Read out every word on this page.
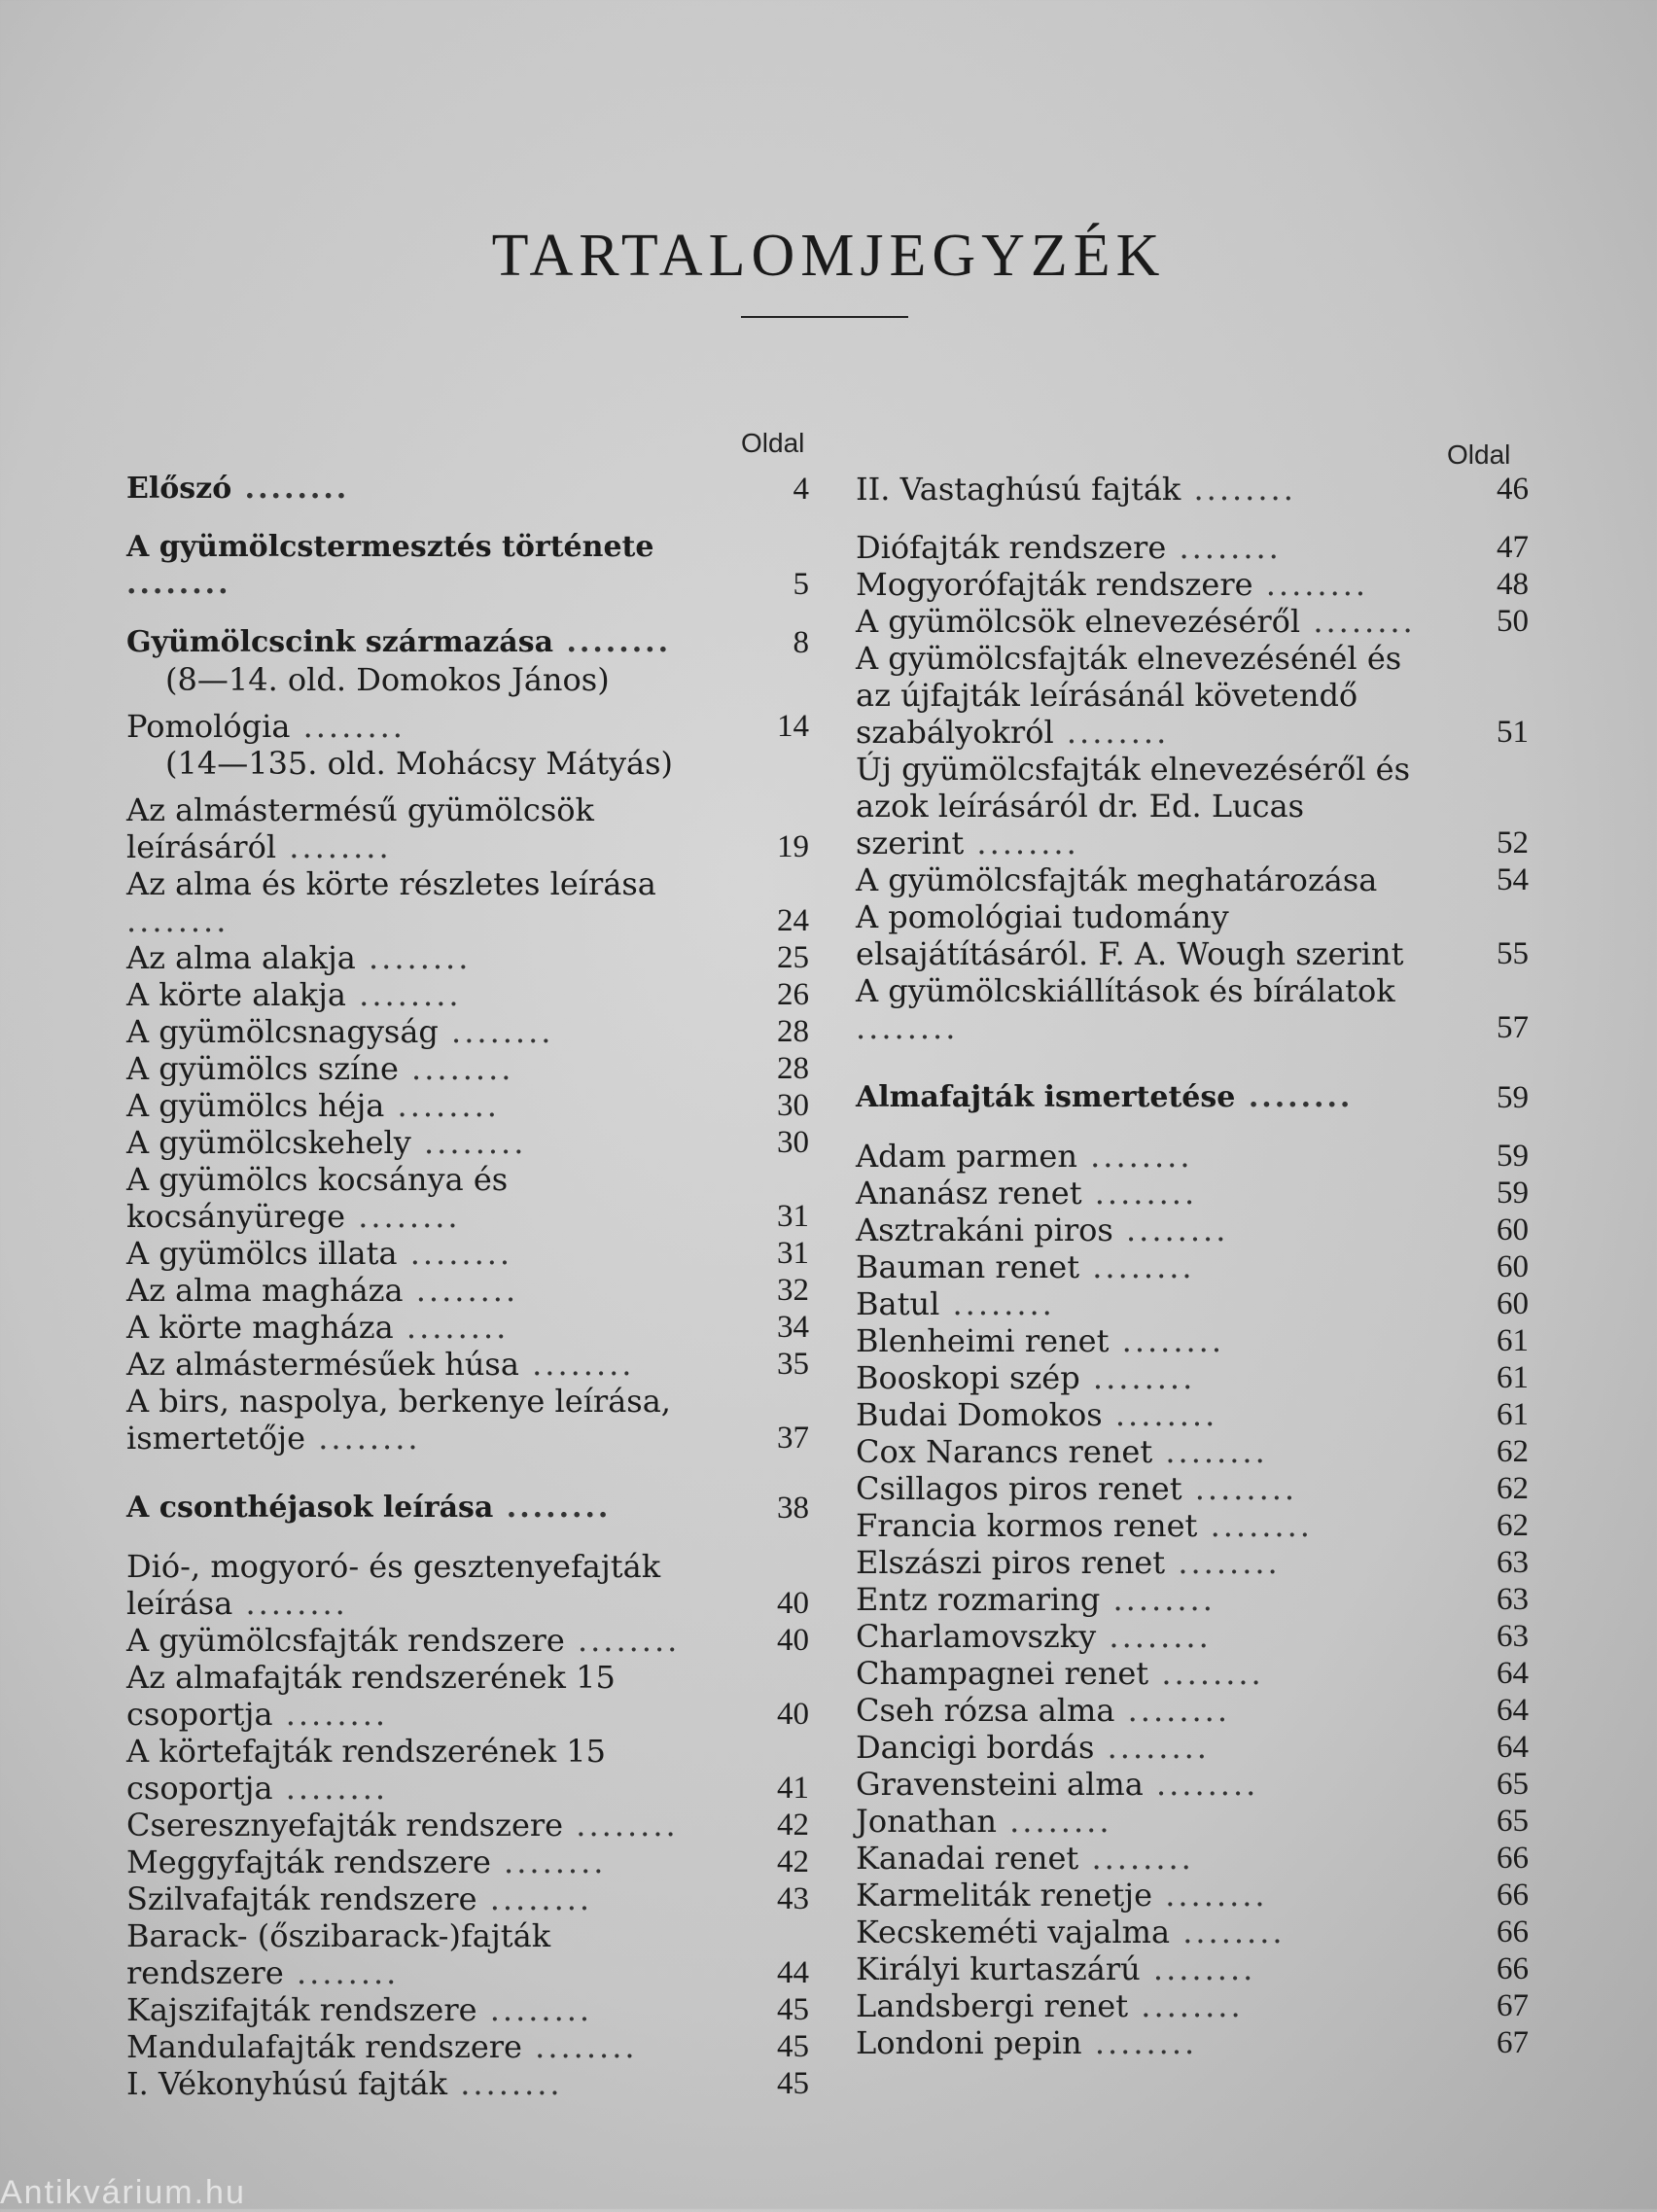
TARTALOMJEGYZÉK
Oldal	Oldal
Előszó ........	4
A gyümölcstermesztés története ........	5
Gyümölcscink származása ........	8
(8—14. old. Domokos János)
Pomológia ........	14
(14—135. old. Mohácsy Mátyás)
Az almástermésű gyümölcsök leírásáról ........	19
Az alma és körte részletes leírása ........	24
Az alma alakja ........	25
A körte alakja ........	26
A gyümölcsnagyság ........	28
A gyümölcs színe ........	28
A gyümölcs héja ........	30
A gyümölcskehely ........	30
A gyümölcs kocsánya és kocsányürege ........	31
A gyümölcs illata ........	31
Az alma magháza ........	32
A körte magháza ........	34
Az almástermésűek húsa ........	35
A birs, naspolya, berkenye leírása, ismertetője ........	37
A csonthéjasok leírása ........	38
Dió-, mogyoró- és gesztenyefajták leírása ........	40
A gyümölcsfajták rendszere ........	40
Az almafajták rendszerének 15 csoportja ........	40
A körtefajták rendszerének 15 csoportja ........	41
Cseresznyefajták rendszere ........	42
Meggyfajták rendszere ........	42
Szilvafajták rendszere ........	43
Barack- (őszibarack-)fajták rendszere ........	44
Kajszifajták rendszere ........	45
Mandulafajták rendszere ........	45
I. Vékonyhúsú fajták ........	45
II. Vastaghúsú fajták ........	46
Diófajták rendszere ........	47
Mogyorófajták rendszere ........	48
A gyümölcsök elnevezéséről ........	50
A gyümölcsfajták elnevezésénél és az újfajták leírásánál követendő szabályokról ........	51
Új gyümölcsfajták elnevezéséről és azok leírásáról dr. Ed. Lucas szerint ........	52
A gyümölcsfajták meghatározása	54
A pomológiai tudomány elsajátításáról. F. A. Wough szerint	55
A gyümölcskiállítások és bírálatok ........	57
Almafajták ismertetése ........	59
Adam parmen ........	59
Ananász renet ........	59
Asztrakáni piros ........	60
Bauman renet ........	60
Batul ........	60
Blenheimi renet ........	61
Booskopi szép ........	61
Budai Domokos ........	61
Cox Narancs renet ........	62
Csillagos piros renet ........	62
Francia kormos renet ........	62
Elszászi piros renet ........	63
Entz rozmaring ........	63
Charlamovszky ........	63
Champagnei renet ........	64
Cseh rózsa alma ........	64
Dancigi bordás ........	64
Gravensteini alma ........	65
Jonathan ........	65
Kanadai renet ........	66
Karmeliták renetje ........	66
Kecskeméti vajalma ........	66
Királyi kurtaszárú ........	66
Landsbergi renet ........	67
Londoni pepin ........	67
Antikvárium.hu
